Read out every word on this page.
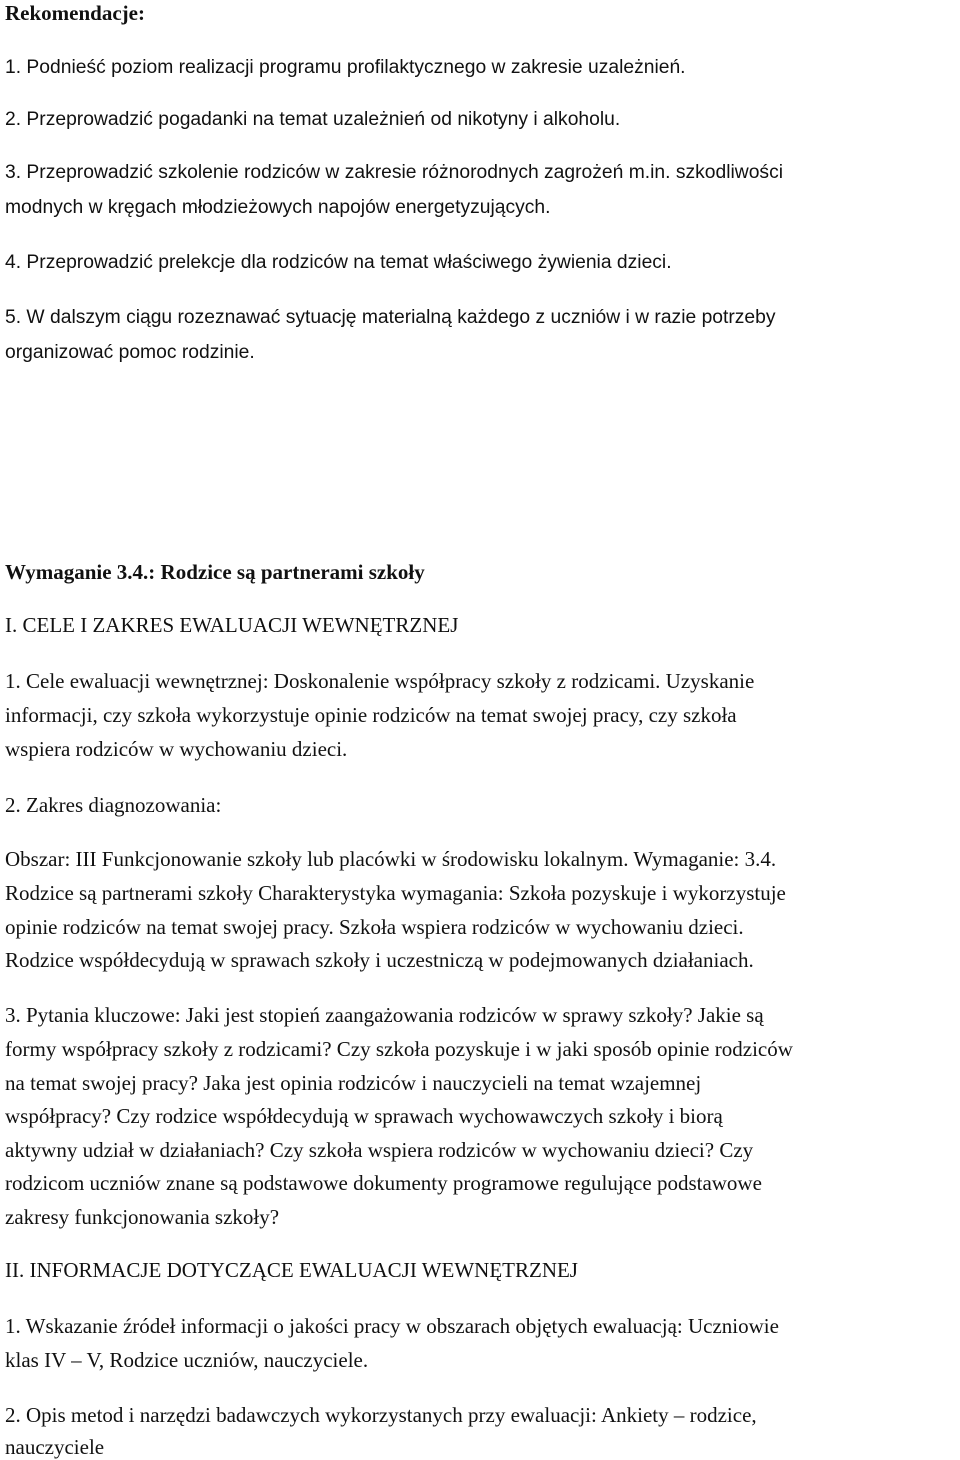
Rekomendacje:
1. Podnieść poziom realizacji programu profilaktycznego w zakresie uzależnień.
2. Przeprowadzić pogadanki na temat uzależnień od nikotyny i alkoholu.
3. Przeprowadzić szkolenie rodziców w zakresie różnorodnych zagrożeń m.in. szkodliwości
modnych w kręgach młodzieżowych napojów energetyzujących.
4. Przeprowadzić prelekcje dla rodziców na temat właściwego żywienia dzieci.
5. W dalszym ciągu rozeznawać sytuację materialną każdego z uczniów i w razie potrzeby
organizować pomoc rodzinie.
Wymaganie 3.4.: Rodzice są partnerami szkoły
I. CELE I ZAKRES EWALUACJI WEWNĘTRZNEJ
1. Cele ewaluacji wewnętrznej: Doskonalenie współpracy szkoły z rodzicami. Uzyskanie
informacji, czy szkoła wykorzystuje opinie rodziców na temat swojej pracy, czy szkoła
wspiera rodziców w wychowaniu dzieci.
2. Zakres diagnozowania:
Obszar: III Funkcjonowanie szkoły lub placówki w środowisku lokalnym. Wymaganie: 3.4.
Rodzice są partnerami szkoły Charakterystyka wymagania: Szkoła pozyskuje i wykorzystuje
opinie rodziców na temat swojej pracy. Szkoła wspiera rodziców w wychowaniu dzieci.
Rodzice współdecydują w sprawach szkoły i uczestniczą w podejmowanych działaniach.
3. Pytania kluczowe: Jaki jest stopień zaangażowania rodziców w sprawy szkoły? Jakie są
formy współpracy szkoły z rodzicami? Czy szkoła pozyskuje i w jaki sposób opinie rodziców
na temat swojej pracy? Jaka jest opinia rodziców i nauczycieli na temat wzajemnej
współpracy? Czy rodzice współdecydują w sprawach wychowawczych szkoły i biorą
aktywny udział w działaniach? Czy szkoła wspiera rodziców w wychowaniu dzieci? Czy
rodzicom uczniów znane są podstawowe dokumenty programowe regulujące podstawowe
zakresy funkcjonowania szkoły?
II. INFORMACJE DOTYCZĄCE EWALUACJI WEWNĘTRZNEJ
1. Wskazanie źródeł informacji o jakości pracy w obszarach objętych ewaluacją: Uczniowie
klas IV – V, Rodzice uczniów, nauczyciele.
2. Opis metod i narzędzi badawczych wykorzystanych przy ewaluacji: Ankiety – rodzice,
nauczyciele
